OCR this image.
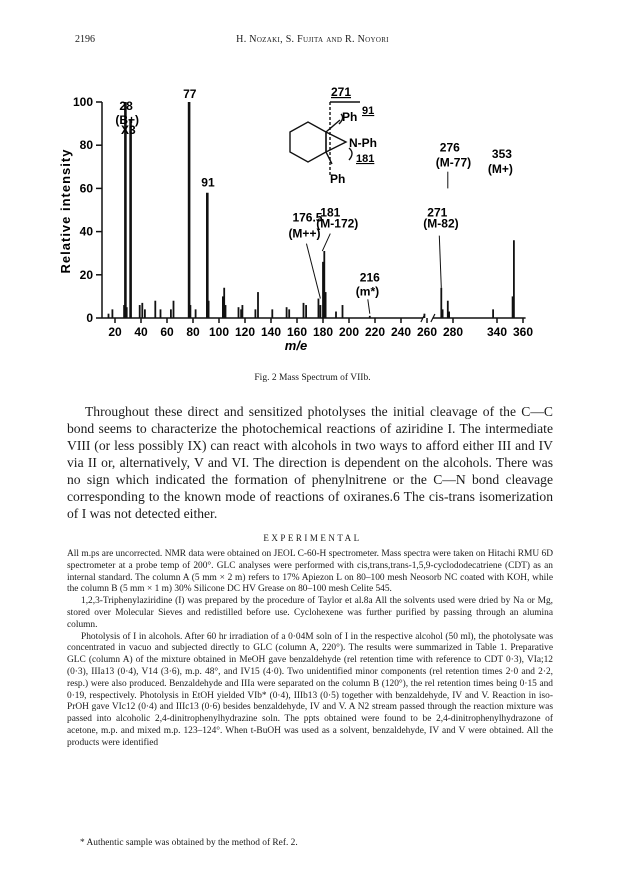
2196	H. Nozaki, S. Fujita and R. Noyori
Relative intensity
0
20
40
60
80
100
20 40 60 80 100 120 140 160 180 200 220 240 260 280 340 360
28
(B+)
77
91
176.5
(M++)
181
(M-172)
216
(m*)
271
(M-82)
276
(M-77)
353
(M+)
m/e
X3
271
Ph 91
N-Ph
181
Ph
Fig. 2 Mass Spectrum of VIIb.

Throughout these direct and sensitized photolyses the initial cleavage of the C—C bond seems to characterize the photochemical reactions of aziridine I. The intermediate VIII (or less possibly IX) can react with alcohols in two ways to afford either III and IV via II or, alternatively, V and VI. The direction is dependent on the alcohols. There was no sign which indicated the formation of phenylnitrene or the C—N bond cleavage corresponding to the known mode of reactions of oxiranes.6 The cis-trans isomerization of I was not detected either.

EXPERIMENTAL

All m.ps are uncorrected. NMR data were obtained on JEOL C-60-H spectrometer. Mass spectra were taken on Hitachi RMU 6D spectrometer at a probe temp of 200°. GLC analyses were performed with cis,trans,trans-1,5,9-cyclododecatriene (CDT) as an internal standard. The column A (5 mm × 2 m) refers to 17% Apiezon L on 80–100 mesh Neosorb NC coated with KOH, while the column B (5 mm × 1 m) 30% Silicone DC HV Grease on 80–100 mesh Celite 545.

1,2,3-Triphenylaziridine (I) was prepared by the procedure of Taylor et al.8a All the solvents used were dried by Na or Mg, stored over Molecular Sieves and redistilled before use. Cyclohexene was further purified by passing through an alumina column.

Photolysis of I in alcohols. After 60 hr irradiation of a 0·04M soln of I in the respective alcohol (50 ml), the photolysate was concentrated in vacuo and subjected directly to GLC (column A, 220°). The results were summarized in Table 1. Preparative GLC (column A) of the mixture obtained in MeOH gave benzaldehyde (rel retention time with reference to CDT 0·3), VIa;12 (0·3), IIIa13 (0·4), V14 (3·6), m.p. 48°, and IV15 (4·0). Two unidentified minor components (rel retention times 2·0 and 2·2, resp.) were also produced. Benzaldehyde and IIIa were separated on the column B (120°), the rel retention times being 0·15 and 0·19, respectively. Photolysis in EtOH yielded VIb* (0·4), IIIb13 (0·5) together with benzaldehyde, IV and V. Reaction in iso-PrOH gave VIc12 (0·4) and IIIc13 (0·6) besides benzaldehyde, IV and V. A N2 stream passed through the reaction mixture was passed into alcoholic 2,4-dinitrophenylhydrazine soln. The ppts obtained were found to be 2,4-dinitrophenylhydrazone of acetone, m.p. and mixed m.p. 123–124°. When t-BuOH was used as a solvent, benzaldehyde, IV and V were obtained. All the products were identified

* Authentic sample was obtained by the method of Ref. 2.
